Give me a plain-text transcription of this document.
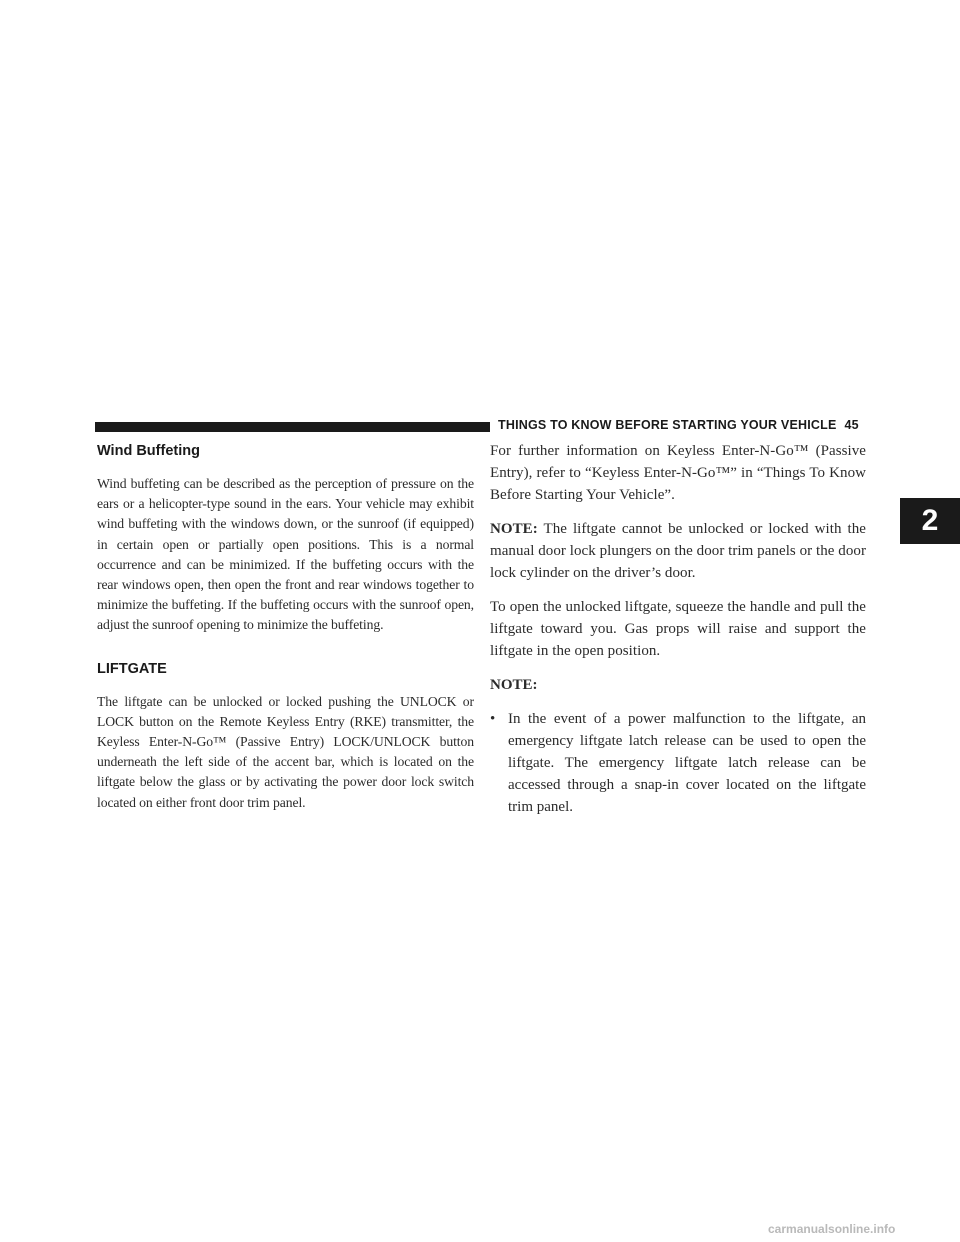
THINGS TO KNOW BEFORE STARTING YOUR VEHICLE 45
2
Wind Buffeting

Wind buffeting can be described as the perception of pressure on the ears or a helicopter-type sound in the ears. Your vehicle may exhibit wind buffeting with the windows down, or the sunroof (if equipped) in certain open or partially open positions. This is a normal occurrence and can be minimized. If the buffeting occurs with the rear windows open, then open the front and rear windows together to minimize the buffeting. If the buffeting occurs with the sunroof open, adjust the sunroof opening to minimize the buffeting.

LIFTGATE

The liftgate can be unlocked or locked pushing the UNLOCK or LOCK button on the Remote Keyless Entry (RKE) transmitter, the Keyless Enter-N-Go™ (Passive Entry) LOCK/UNLOCK button underneath the left side of the accent bar, which is located on the liftgate below the glass or by activating the power door lock switch located on either front door trim panel.

For further information on Keyless Enter-N-Go™ (Passive Entry), refer to “Keyless Enter-N-Go™” in “Things To Know Before Starting Your Vehicle”.

NOTE: The liftgate cannot be unlocked or locked with the manual door lock plungers on the door trim panels or the door lock cylinder on the driver’s door.

To open the unlocked liftgate, squeeze the handle and pull the liftgate toward you. Gas props will raise and support the liftgate in the open position.

NOTE:
• In the event of a power malfunction to the liftgate, an emergency liftgate latch release can be used to open the liftgate. The emergency liftgate latch release can be accessed through a snap-in cover located on the liftgate trim panel.
carmanualsonline.info
